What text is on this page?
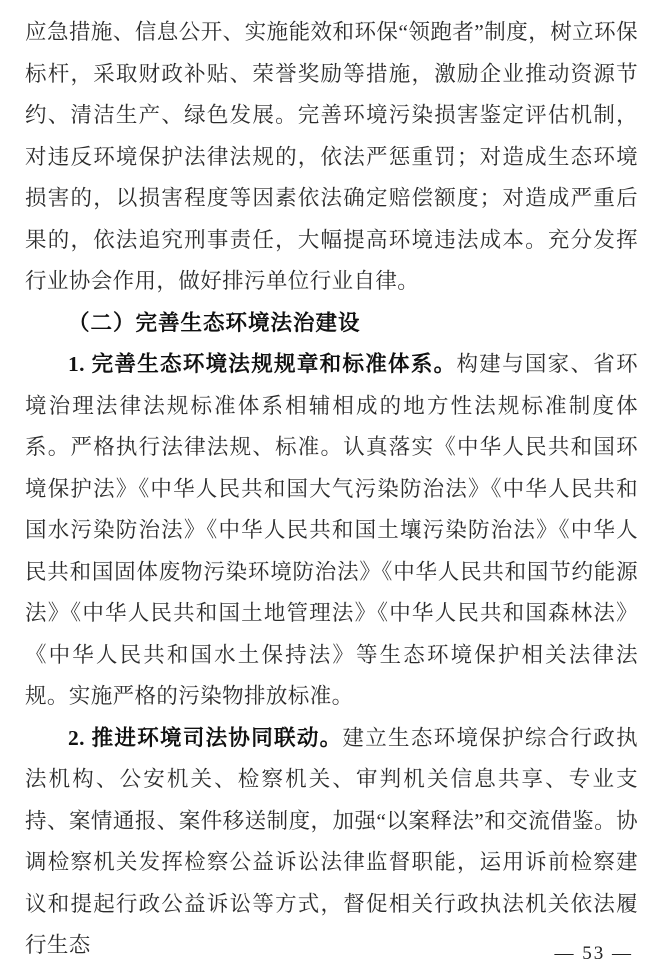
应急措施、信息公开、实施能效和环保“领跑者”制度，树立环保标杆，采取财政补贴、荣誉奖励等措施，激励企业推动资源节约、清洁生产、绿色发展。完善环境污染损害鉴定评估机制，对违反环境保护法律法规的，依法严惩重罚；对造成生态环境损害的，以损害程度等因素依法确定赔偿额度；对造成严重后果的，依法追究刑事责任，大幅提高环境违法成本。充分发挥行业协会作用，做好排污单位行业自律。

（二）完善生态环境法治建设

1. 完善生态环境法规规章和标准体系。构建与国家、省环境治理法律法规标准体系相辅相成的地方性法规标准制度体系。严格执行法律法规、标准。认真落实《中华人民共和国环境保护法》《中华人民共和国大气污染防治法》《中华人民共和国水污染防治法》《中华人民共和国土壤污染防治法》《中华人民共和国固体废物污染环境防治法》《中华人民共和国节约能源法》《中华人民共和国土地管理法》《中华人民共和国森林法》《中华人民共和国水土保持法》等生态环境保护相关法律法规。实施严格的污染物排放标准。

2. 推进环境司法协同联动。建立生态环境保护综合行政执法机构、公安机关、检察机关、审判机关信息共享、专业支持、案情通报、案件移送制度，加强“以案释法”和交流借鉴。协调检察机关发挥检察公益诉讼法律监督职能，运用诉前检察建议和提起行政公益诉讼等方式，督促相关行政执法机关依法履行生态	— 53 —
